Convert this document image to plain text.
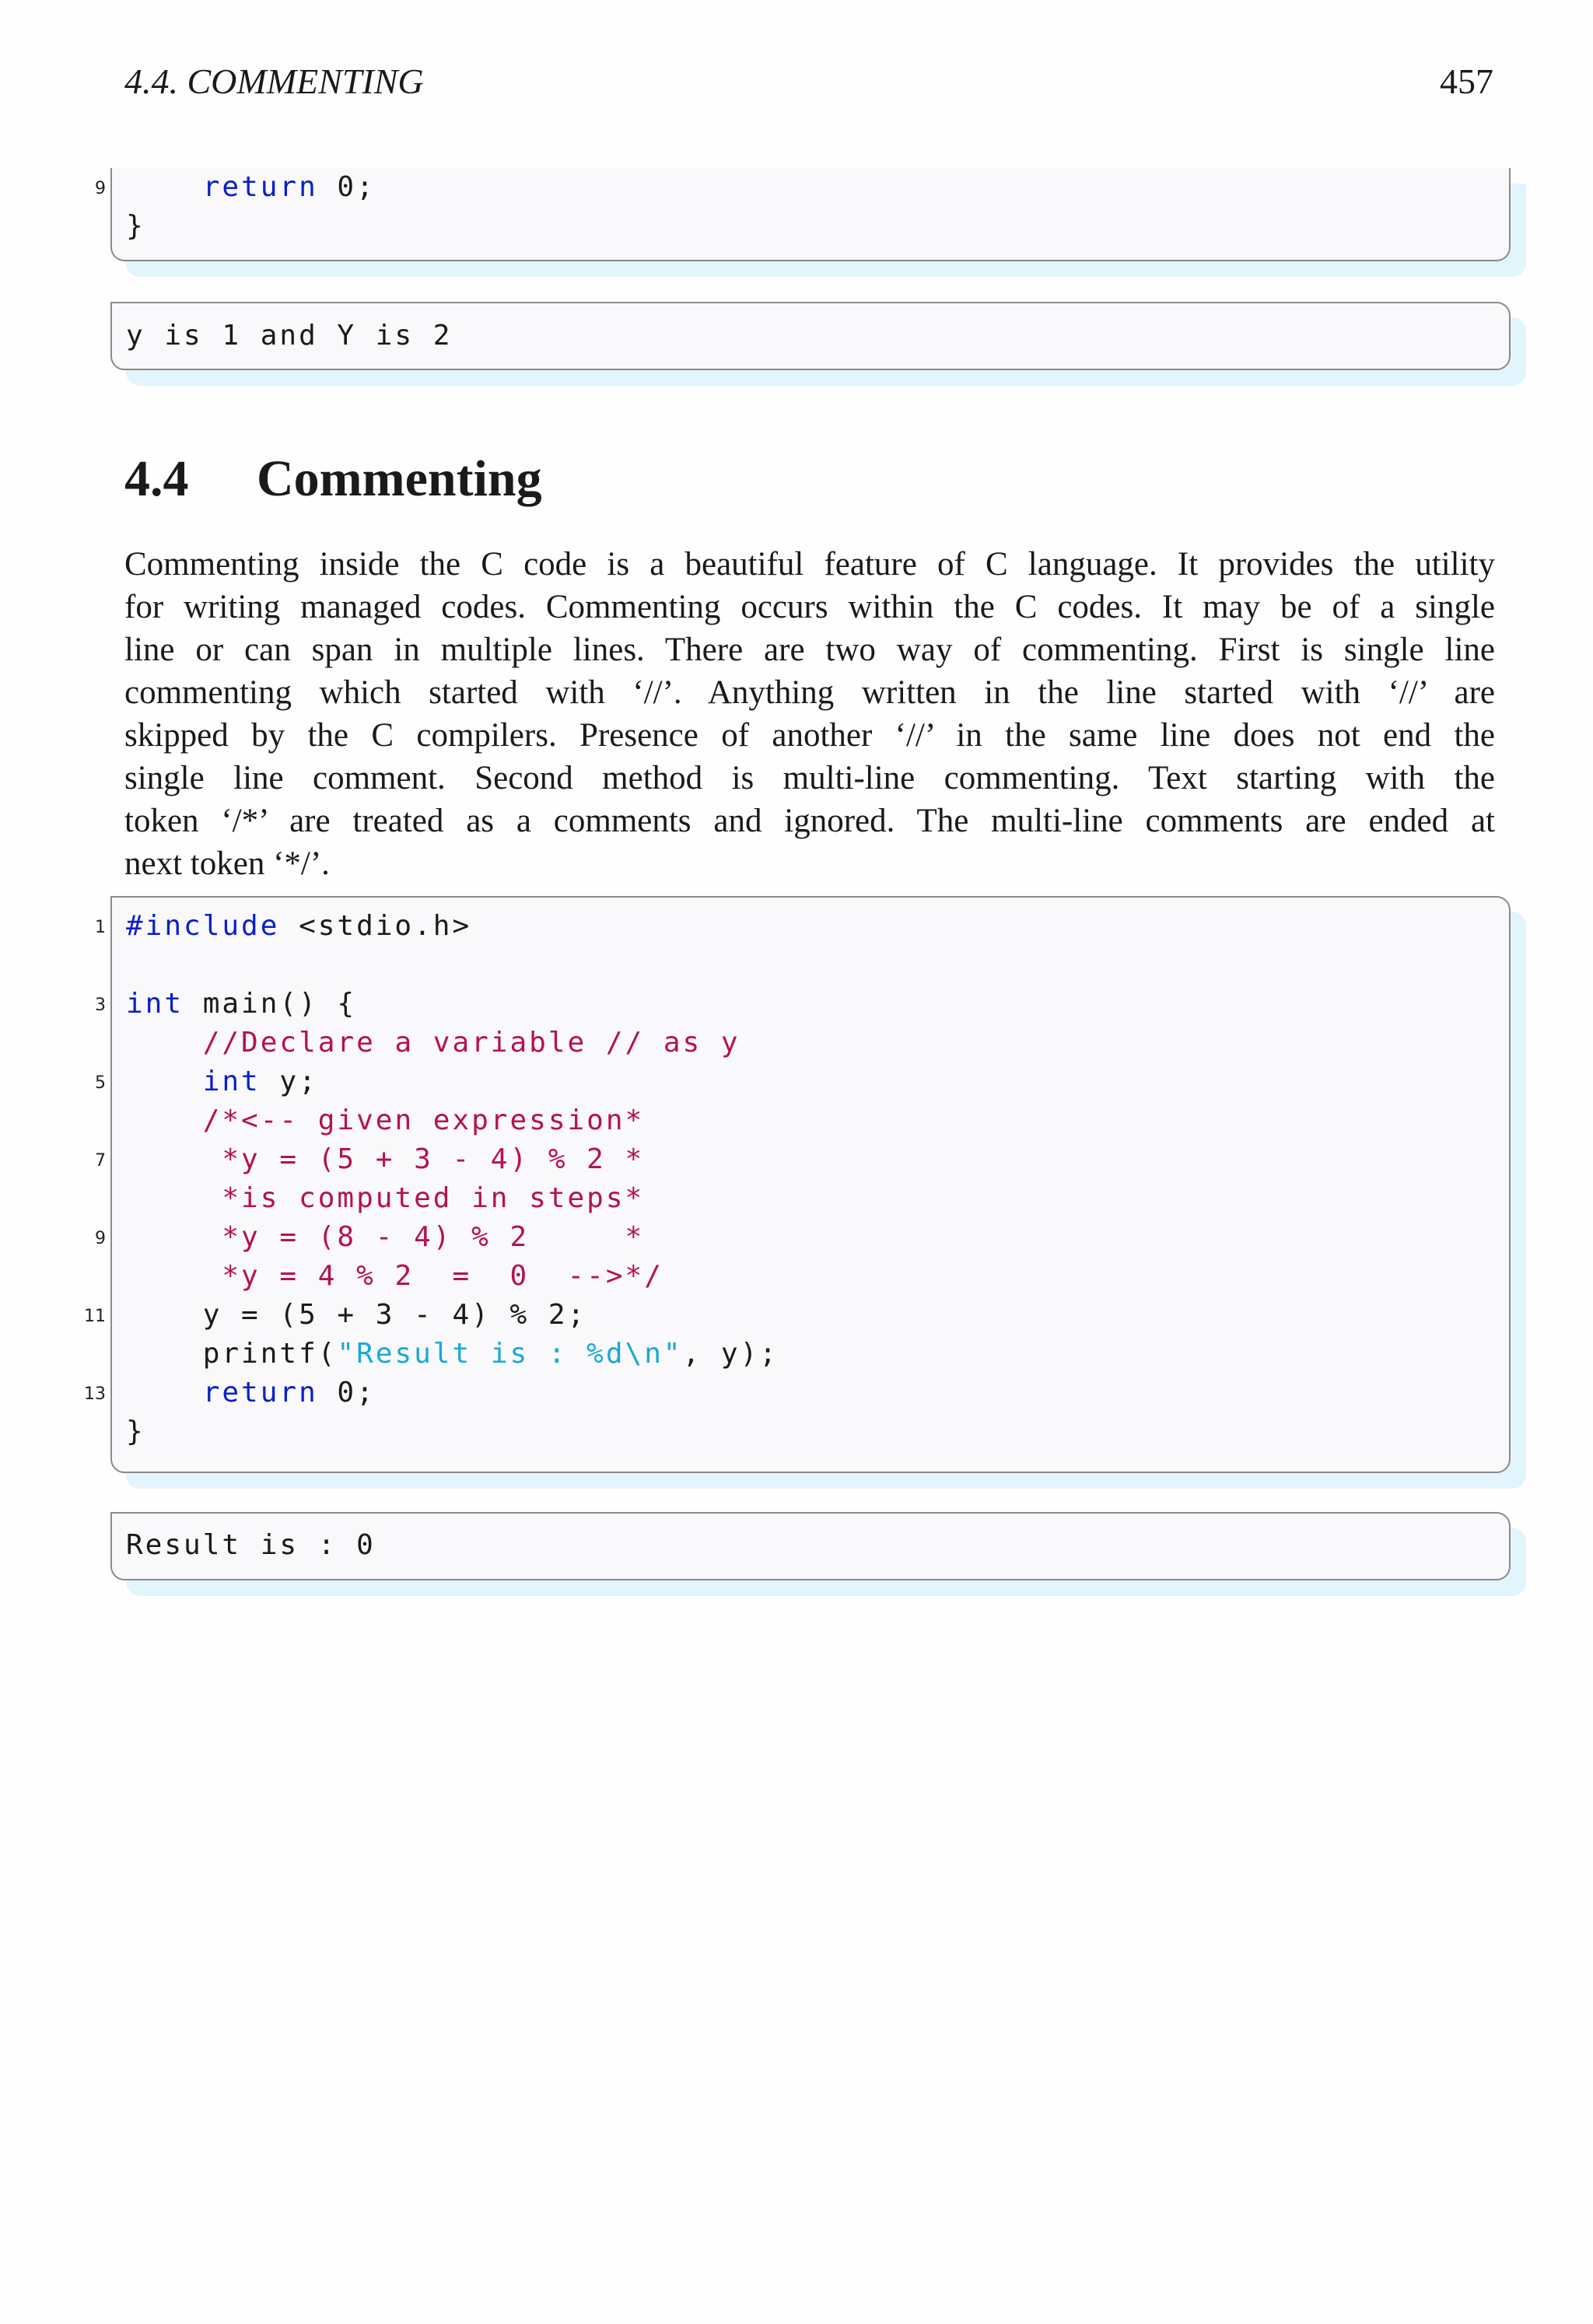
4.4. COMMENTING	457
9	return 0;
}
y is 1 and Y is 2
4.4 Commenting
Commenting inside the C code is a beautiful feature of C language. It provides the utility
for writing managed codes. Commenting occurs within the C codes. It may be of a single
line or can span in multiple lines. There are two way of commenting. First is single line
commenting which started with ‘//’. Anything written in the line started with ‘//’ are
skipped by the C compilers. Presence of another ‘//’ in the same line does not end the
single line comment. Second method is multi-line commenting. Text starting with the
token ‘/*’ are treated as a comments and ignored. The multi-line comments are ended at
next token ‘*/’.
1 #include <stdio.h>
3 int main() {
//Declare a variable // as y
5	int y;
/*<-- given expression*
7	*y = (5 + 3 - 4) % 2 *
*is computed in steps*
9	*y = (8 - 4) % 2     *
*y = 4 % 2  =  0  -->*/
11 y = (5 + 3 - 4) % 2;
printf("Result is : %d\n", y);
13	return 0;
}
Result is : 0
